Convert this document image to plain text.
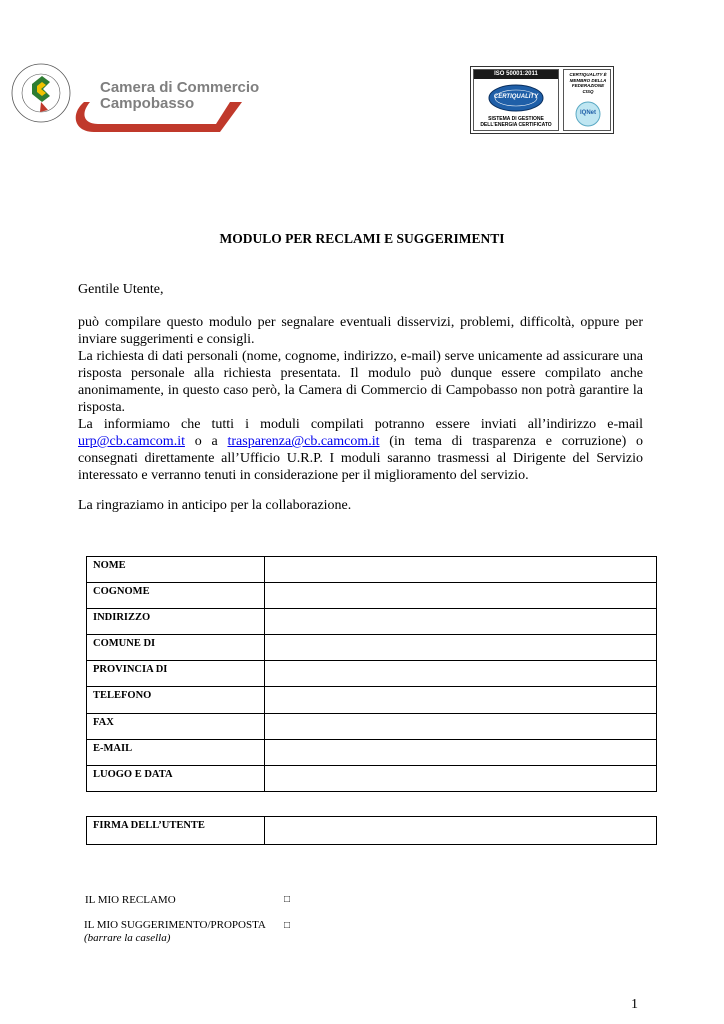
Camera di Commercio
Campobasso
ISO 50001:2011
CERTIQUALITY
SISTEMA DI GESTIONE DELL'ENERGIA CERTIFICATO
CERTIQUALITY È MEMBRO DELLA FEDERAZIONE CISQ
IQNet
MODULO PER RECLAMI E SUGGERIMENTI
Gentile Utente,

può compilare questo modulo per segnalare eventuali disservizi, problemi, difficoltà, oppure per inviare suggerimenti e consigli.

La richiesta di dati personali (nome, cognome, indirizzo, e-mail) serve unicamente ad assicurare una risposta personale alla richiesta presentata. Il modulo può dunque essere compilato anche anonimamente, in questo caso però, la Camera di Commercio di Campobasso non potrà garantire la risposta.

La informiamo che tutti i moduli compilati potranno essere inviati all’indirizzo e-mail urp@cb.camcom.it o a trasparenza@cb.camcom.it (in tema di trasparenza e corruzione) o consegnati direttamente all’Ufficio U.R.P. I moduli saranno trasmessi al Dirigente del Servizio interessato e verranno tenuti in considerazione per il miglioramento del servizio.

La ringraziamo in anticipo per la collaborazione.
NOME	
COGNOME	
INDIRIZZO	
COMUNE DI	
PROVINCIA DI	
TELEFONO	
FAX	
E-MAIL	
LUOGO E DATA	
FIRMA DELL’UTENTE	
IL MIO RECLAMO	□
IL MIO SUGGERIMENTO/PROPOSTA □
(barrare la casella)
1
